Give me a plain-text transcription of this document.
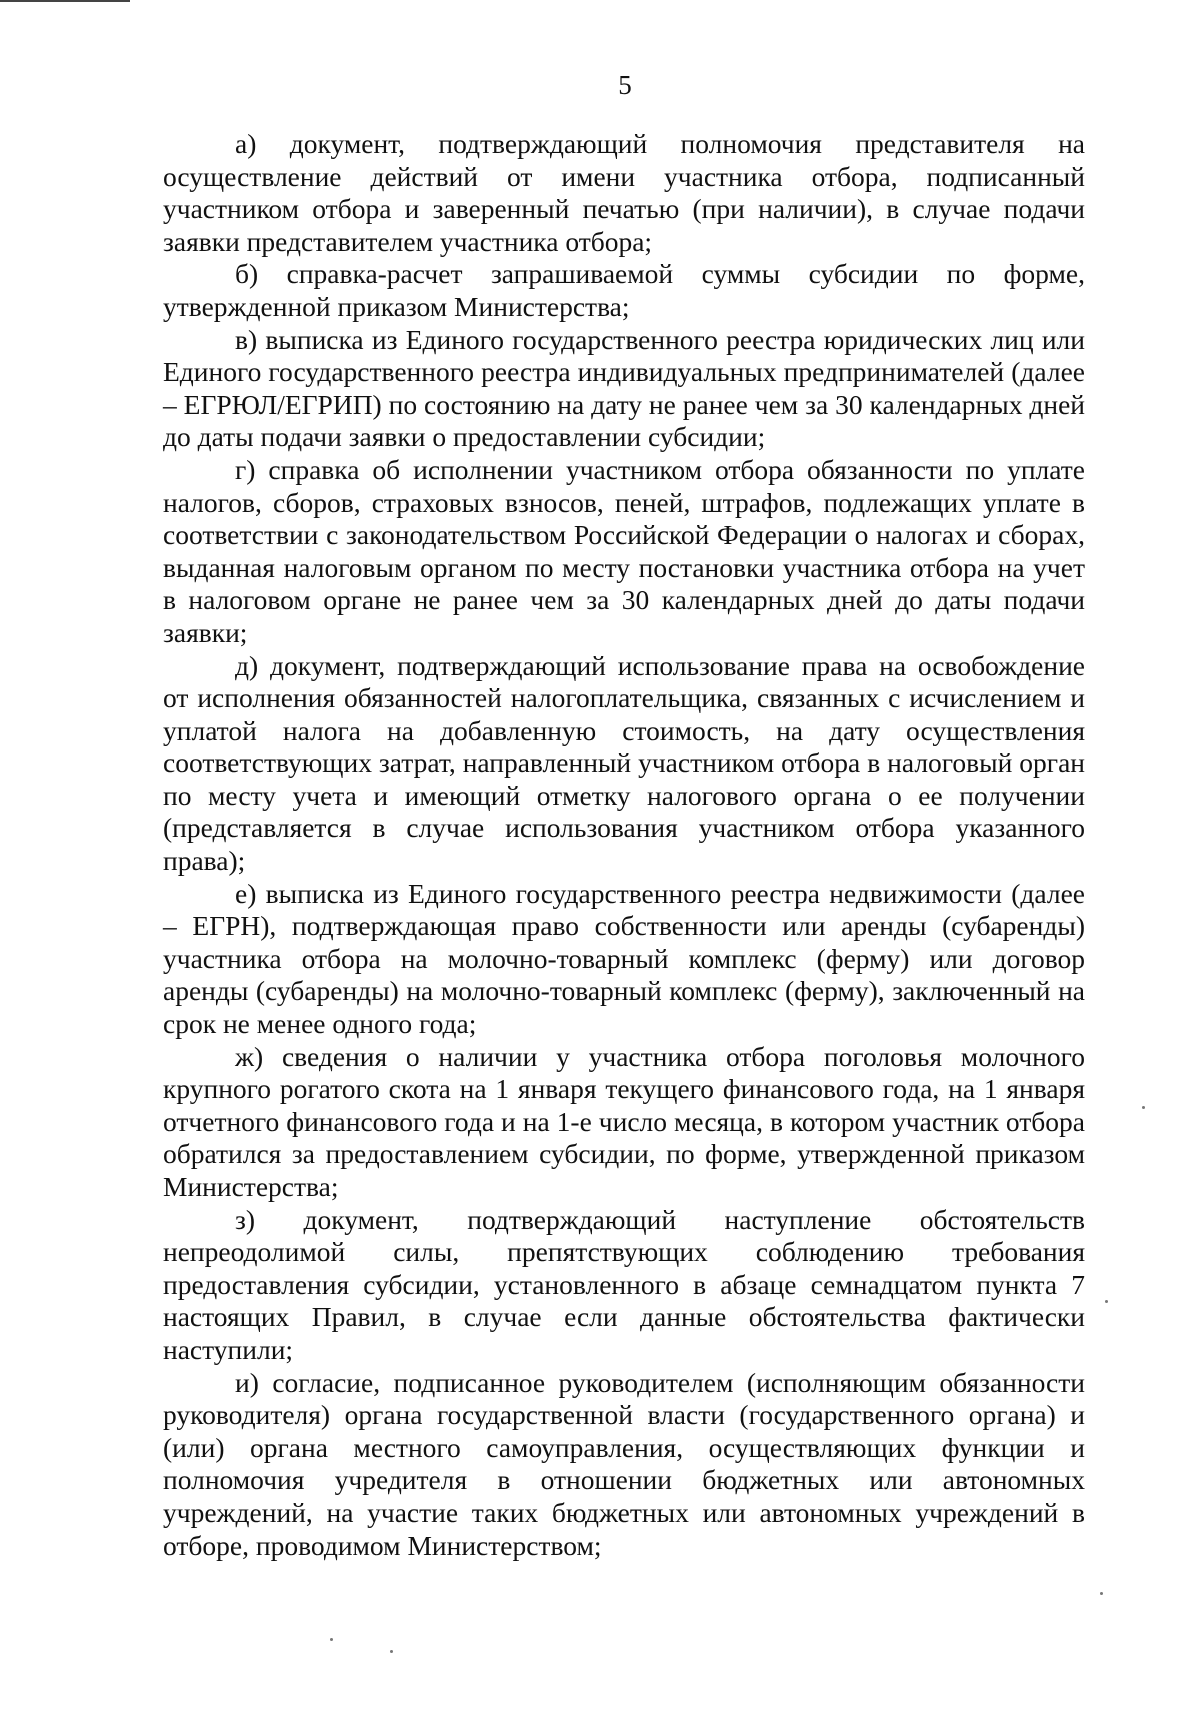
5

а) документ, подтверждающий полномочия представителя на осуществление действий от имени участника отбора, подписанный участником отбора и заверенный печатью (при наличии), в случае подачи заявки представителем участника отбора;

б) справка-расчет запрашиваемой суммы субсидии по форме, утвержденной приказом Министерства;

в) выписка из Единого государственного реестра юридических лиц или Единого государственного реестра индивидуальных предпринимателей (далее – ЕГРЮЛ/ЕГРИП) по состоянию на дату не ранее чем за 30 календарных дней до даты подачи заявки о предоставлении субсидии;

г) справка об исполнении участником отбора обязанности по уплате налогов, сборов, страховых взносов, пеней, штрафов, подлежащих уплате в соответствии с законодательством Российской Федерации о налогах и сборах, выданная налоговым органом по месту постановки участника отбора на учет в налоговом органе не ранее чем за 30 календарных дней до даты подачи заявки;

д) документ, подтверждающий использование права на освобождение от исполнения обязанностей налогоплательщика, связанных с исчислением и уплатой налога на добавленную стоимость, на дату осуществления соответствующих затрат, направленный участником отбора в налоговый орган по месту учета и имеющий отметку налогового органа о ее получении (представляется в случае использования участником отбора указанного права);

е) выписка из Единого государственного реестра недвижимости (далее – ЕГРН), подтверждающая право собственности или аренды (субаренды) участника отбора на молочно-товарный комплекс (ферму) или договор аренды (субаренды) на молочно-товарный комплекс (ферму), заключенный на срок не менее одного года;

ж) сведения о наличии у участника отбора поголовья молочного крупного рогатого скота на 1 января текущего финансового года, на 1 января отчетного финансового года и на 1-е число месяца, в котором участник отбора обратился за предоставлением субсидии, по форме, утвержденной приказом Министерства;

з) документ, подтверждающий наступление обстоятельств непреодолимой силы, препятствующих соблюдению требования предоставления субсидии, установленного в абзаце семнадцатом пункта 7 настоящих Правил, в случае если данные обстоятельства фактически наступили;

и) согласие, подписанное руководителем (исполняющим обязанности руководителя) органа государственной власти (государственного органа) и (или) органа местного самоуправления, осуществляющих функции и полномочия учредителя в отношении бюджетных или автономных учреждений, на участие таких бюджетных или автономных учреждений в отборе, проводимом Министерством;
